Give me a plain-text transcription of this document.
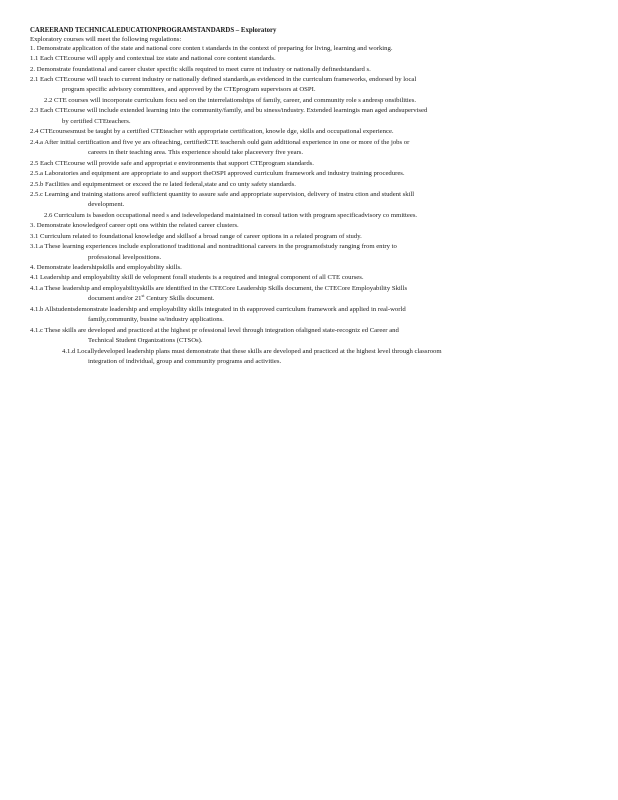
CAREERAND TECHNICALEDUCATIONPROGRAMSTANDARDS – Exploratory
Exploratory courses will meet the following regulations:
1. Demonstrate application of the state and national core conten t standards in the context of preparing for living, learning and working.
1.1 Each CTEcourse will apply and contextual ize state and national core content standards.
2. Demonstrate foundational and career cluster specific skills required to meet curre nt industry or nationally definedstandard s.
2.1 Each CTEcourse will teach to current industry or nationally defined standards,as evidenced in the curriculum frameworks, endorsed by local
program specific advisory committees, and approved by the CTEprogram supervisors at OSPI.
2.2 CTE courses will incorporate curriculum focu sed on the interrelationships of family, career, and community role s andresp onsibilities.
2.3 Each CTEcourse will include extended learning into the community/family, and bu siness/industry. Extended learningis man aged andsupervised
by certified CTEteachers.
2.4 CTEcoursesmust be taught by a certified CTEteacher with appropriate certification, knowle dge, skills and occupational experience.
2.4.a After initial certification and five ye ars ofteaching, certifiedCTE teachersh ould gain additional experience in one or more of the jobs or
careers in their teaching area. This experience should take placeevery five years.
2.5 Each CTEcourse will provide safe and appropriat e environments that support CTEprogram standards.
2.5.a Laboratories and equipment are appropriate to and support theOSPI approved curriculum framework and industry training procedures.
2.5.b Facilities and equipmentmeet or exceed the re lated federal,state and co unty safety standards.
2.5.c Learning and training stations areof sufficient quantity to assure safe and appropriate supervision, delivery of instru ction and student skill
development.
2.6 Curriculum is basedon occupational need s and isdevelopedand maintained in consul tation with program specificadvisory co mmittees.
3. Demonstrate knowledgeof career opti ons within the related career clusters.
3.1 Curriculum related to foundational knowledge and skillsof a broad range of career options in a related program of study.
3.1.a These learning experiences include explorationof traditional and nontraditional careers in the programofstudy ranging from entry to
professional levelpositions.
4. Demonstrate leadershipskills and employability skills.
4.1 Leadership and employability skill de velopment forall students is a required and integral component of all CTE courses.
4.1.a These leadership and employabilityskills are identified in the CTECore Leadership Skills document, the CTECore Employability Skills
document and/or 21st Century Skills document.
4.1.b Allstudentsdemonstrate leadership and employability skills integrated in th eapproved curriculum framework and applied in real-world
family,community, busine ss/industry applications.
4.1.c These skills are developed and practiced at the highest pr ofessional level through integration ofaligned state-recogniz ed Career and
Technical Student Organizations (CTSOs).
4.1.d Locallydeveloped leadership plans must demonstrate that these skills are developed and practiced at the highest level through classroom
integration of individual, group and community programs and activities.
